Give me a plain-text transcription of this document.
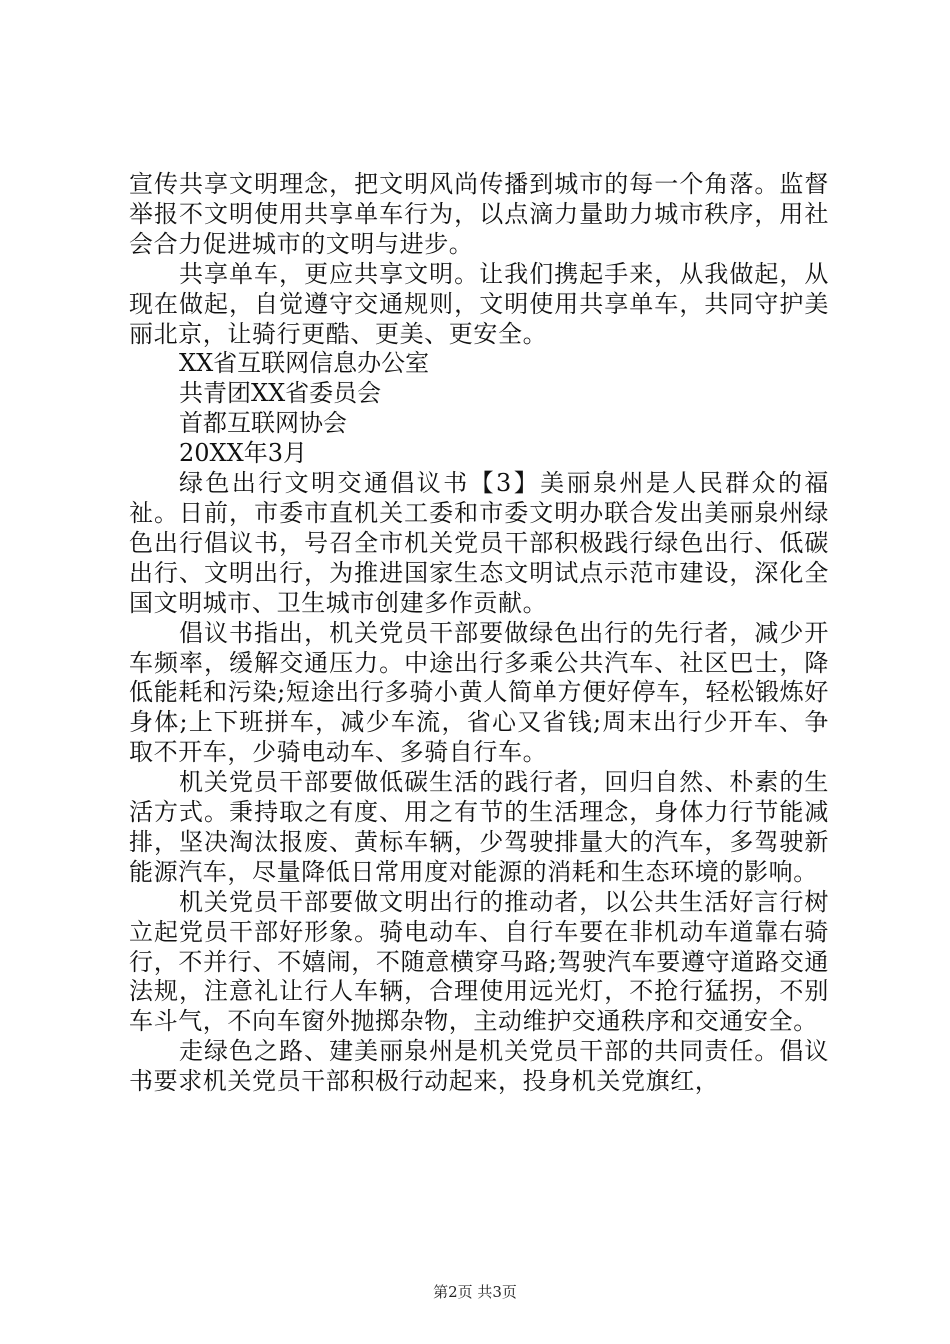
宣传共享文明理念，把文明风尚传播到城市的每一个角落。监督举报不文明使用共享单车行为，以点滴力量助力城市秩序，用社会合力促进城市的文明与进步。

共享单车，更应共享文明。让我们携起手来，从我做起，从现在做起，自觉遵守交通规则，文明使用共享单车，共同守护美丽北京，让骑行更酷、更美、更安全。

XX省互联网信息办公室

共青团XX省委员会

首都互联网协会

20XX年3月

绿色出行文明交通倡议书【3】美丽泉州是人民群众的福祉。日前，市委市直机关工委和市委文明办联合发出美丽泉州绿色出行倡议书，号召全市机关党员干部积极践行绿色出行、低碳出行、文明出行，为推进国家生态文明试点示范市建设，深化全国文明城市、卫生城市创建多作贡献。

倡议书指出，机关党员干部要做绿色出行的先行者，减少开车频率，缓解交通压力。中途出行多乘公共汽车、社区巴士，降低能耗和污染;短途出行多骑小黄人简单方便好停车，轻松锻炼好身体;上下班拼车，减少车流，省心又省钱;周末出行少开车、争取不开车，少骑电动车、多骑自行车。

机关党员干部要做低碳生活的践行者，回归自然、朴素的生活方式。秉持取之有度、用之有节的生活理念，身体力行节能减排，坚决淘汰报废、黄标车辆，少驾驶排量大的汽车，多驾驶新能源汽车，尽量降低日常用度对能源的消耗和生态环境的影响。

机关党员干部要做文明出行的推动者，以公共生活好言行树立起党员干部好形象。骑电动车、自行车要在非机动车道靠右骑行，不并行、不嬉闹，不随意横穿马路;驾驶汽车要遵守道路交通法规，注意礼让行人车辆，合理使用远光灯，不抢行猛拐，不别车斗气，不向车窗外抛掷杂物，主动维护交通秩序和交通安全。

走绿色之路、建美丽泉州是机关党员干部的共同责任。倡议书要求机关党员干部积极行动起来，投身机关党旗红，

第2页 共3页
